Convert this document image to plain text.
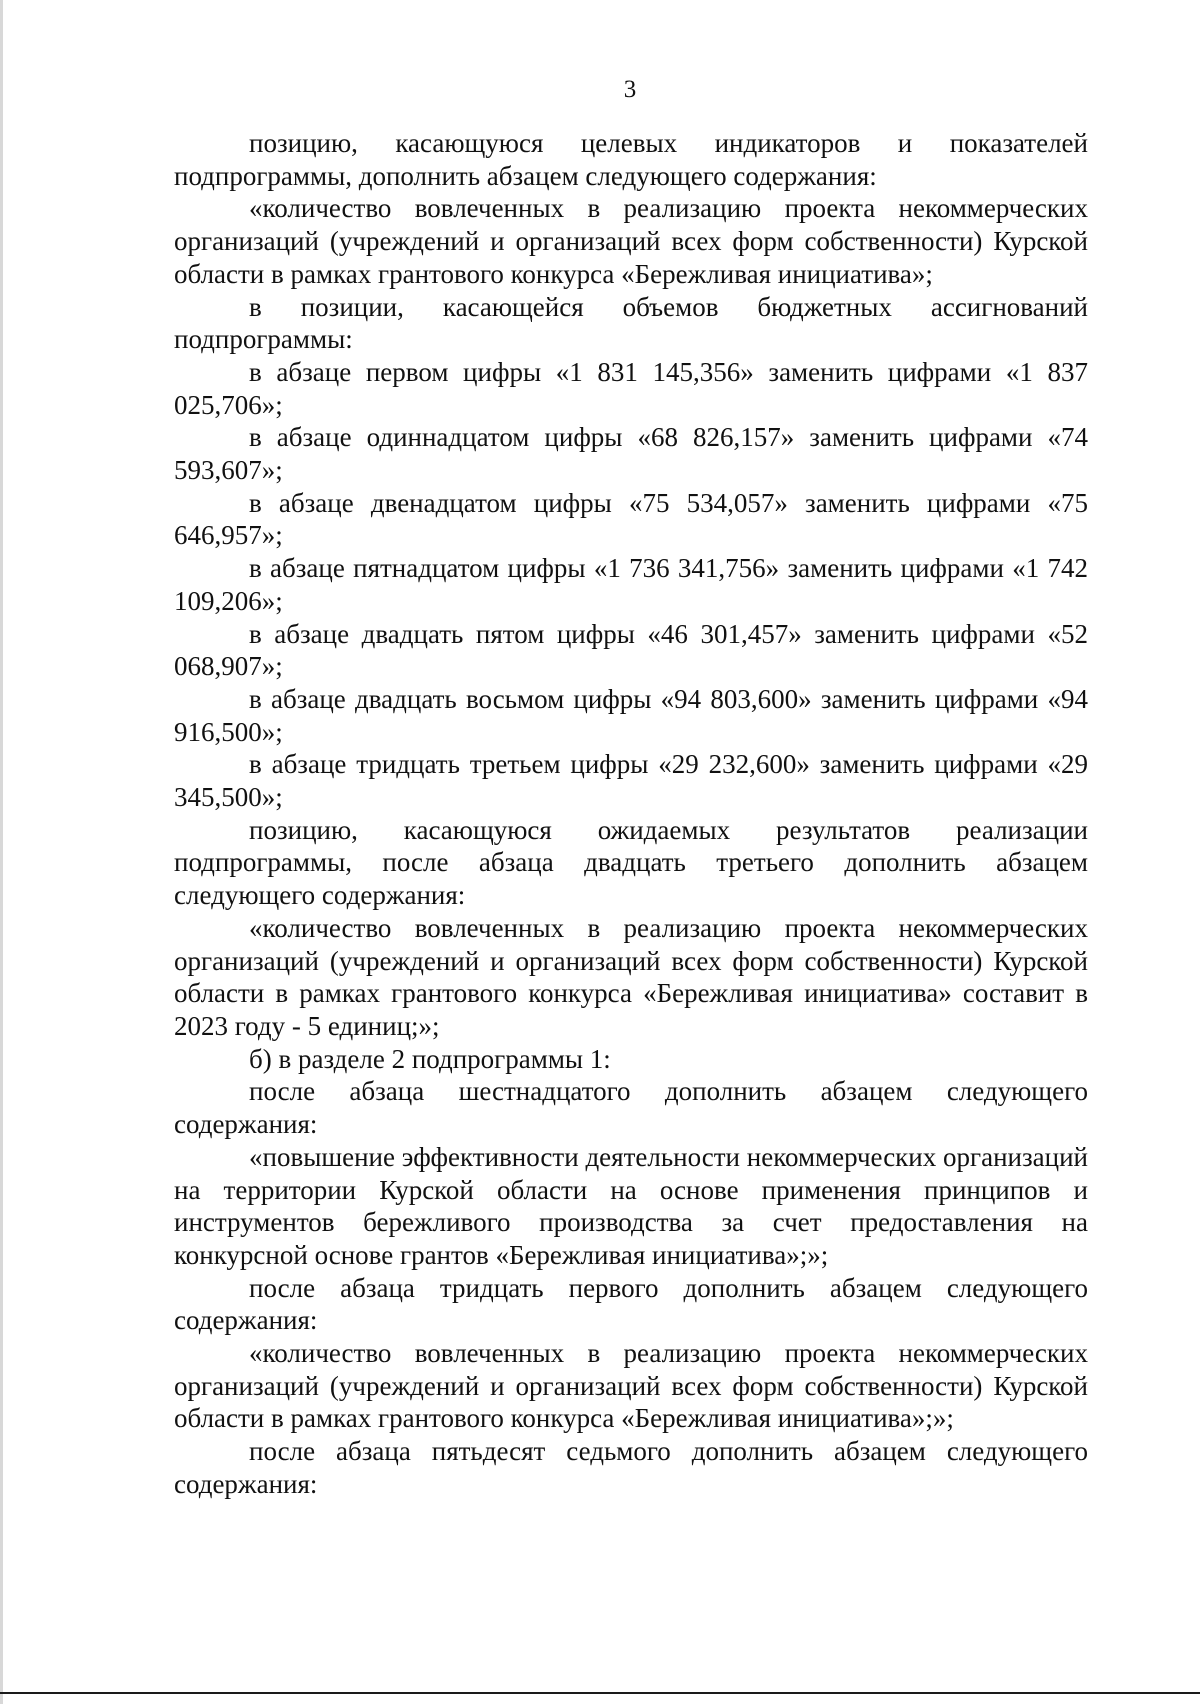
3

позицию, касающуюся целевых индикаторов и показателей подпрограммы, дополнить абзацем следующего содержания:

«количество вовлеченных в реализацию проекта некоммерческих организаций (учреждений и организаций всех форм собственности) Курской области в рамках грантового конкурса «Бережливая инициатива»;

в позиции, касающейся объемов бюджетных ассигнований подпрограммы:

в абзаце первом цифры «1 831 145,356» заменить цифрами «1 837 025,706»;

в абзаце одиннадцатом цифры «68 826,157» заменить цифрами «74 593,607»;

в абзаце двенадцатом цифры «75 534,057» заменить цифрами «75 646,957»;

в абзаце пятнадцатом цифры «1 736 341,756» заменить цифрами «1 742 109,206»;

в абзаце двадцать пятом цифры «46 301,457» заменить цифрами «52 068,907»;

в абзаце двадцать восьмом цифры «94 803,600» заменить цифрами «94 916,500»;

в абзаце тридцать третьем цифры «29 232,600» заменить цифрами «29 345,500»;

позицию, касающуюся ожидаемых результатов реализации подпрограммы, после абзаца двадцать третьего дополнить абзацем следующего содержания:

«количество вовлеченных в реализацию проекта некоммерческих организаций (учреждений и организаций всех форм собственности) Курской области в рамках грантового конкурса «Бережливая инициатива» составит в 2023 году - 5 единиц;»;

б) в разделе 2 подпрограммы 1:

после абзаца шестнадцатого дополнить абзацем следующего содержания:

«повышение эффективности деятельности некоммерческих организаций на территории Курской области на основе применения принципов и инструментов бережливого производства за счет предоставления на конкурсной основе грантов «Бережливая инициатива»;»;

после абзаца тридцать первого дополнить абзацем следующего содержания:

«количество вовлеченных в реализацию проекта некоммерческих организаций (учреждений и организаций всех форм собственности) Курской области в рамках грантового конкурса «Бережливая инициатива»;»;

после абзаца пятьдесят седьмого дополнить абзацем следующего содержания:
